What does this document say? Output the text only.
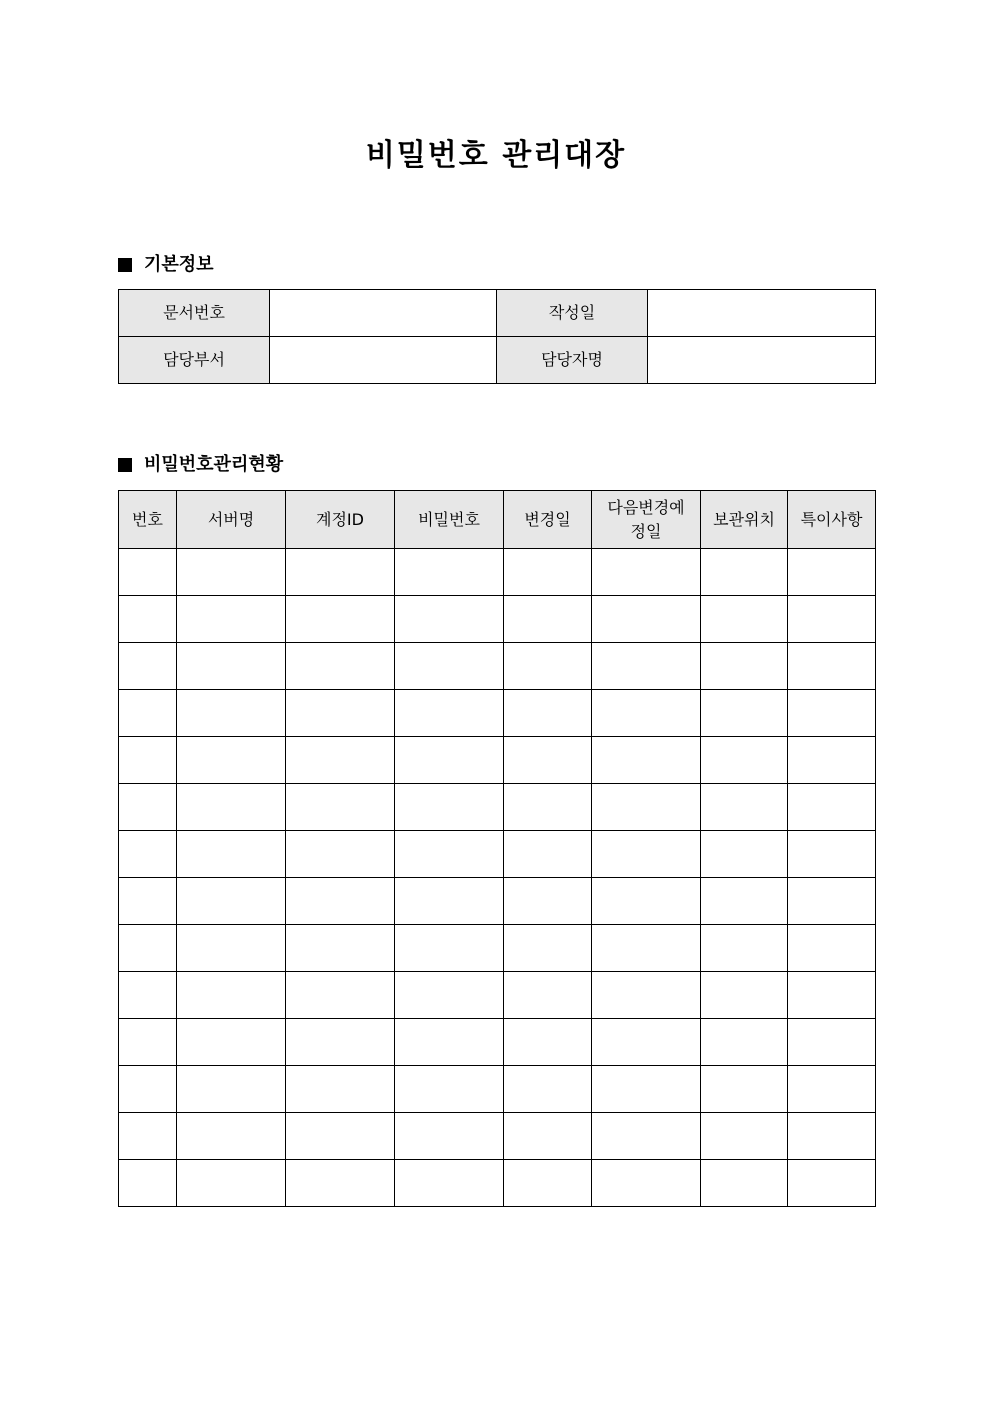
비밀번호 관리대장
기본정보
문서번호		작성일	
담당부서		담당자명	
비밀번호관리현황
번호	서버명	계정ID	비밀번호	변경일	다음변경예정일	보관위치	특이사항
